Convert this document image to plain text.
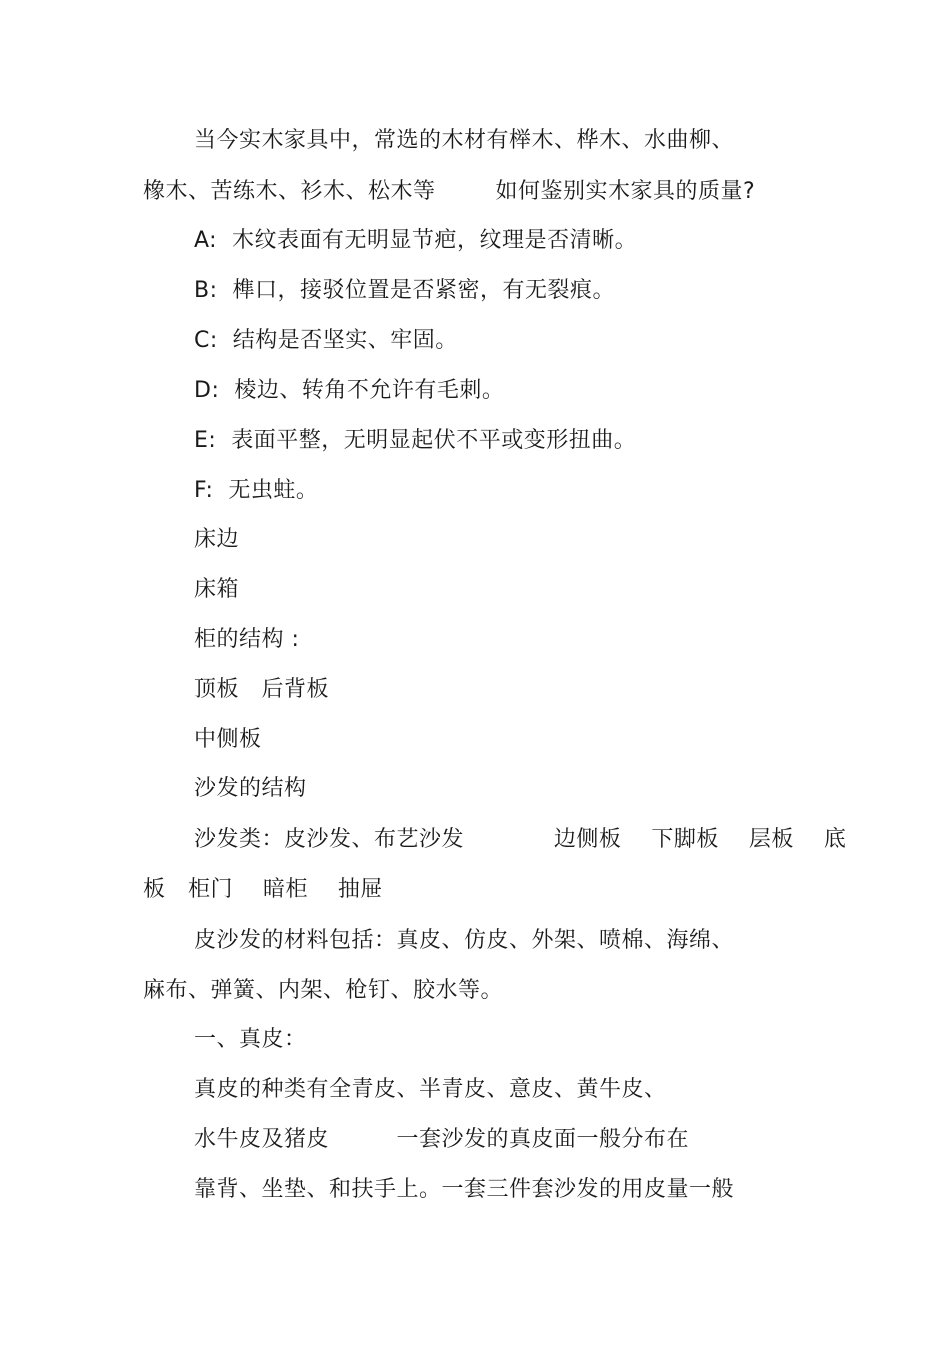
当今实木家具中，常选的木材有榉木、桦木、水曲柳、
橡木、苦练木、衫木、松木等        如何鉴别实木家具的质量?
A:  木纹表面有无明显节疤，纹理是否清晰。
B:  榫口，接驳位置是否紧密，有无裂痕。
C:  结构是否坚实、牢固。
D:  棱边、转角不允许有毛刺。
E:  表面平整，无明显起伏不平或变形扭曲。
F:  无虫蛀。
床边
床箱
柜的结构 :
顶板   后背板
中侧板
沙发的结构
沙发类：皮沙发、布艺沙发            边侧板    下脚板    层板    底
板   柜门    暗柜    抽屉
皮沙发的材料包括：真皮、仿皮、外架、喷棉、海绵、
麻布、弹簧、内架、枪钉、胶水等。
一、真皮：
真皮的种类有全青皮、半青皮、意皮、黄牛皮、
水牛皮及猪皮         一套沙发的真皮面一般分布在
靠背、坐垫、和扶手上。一套三件套沙发的用皮量一般
